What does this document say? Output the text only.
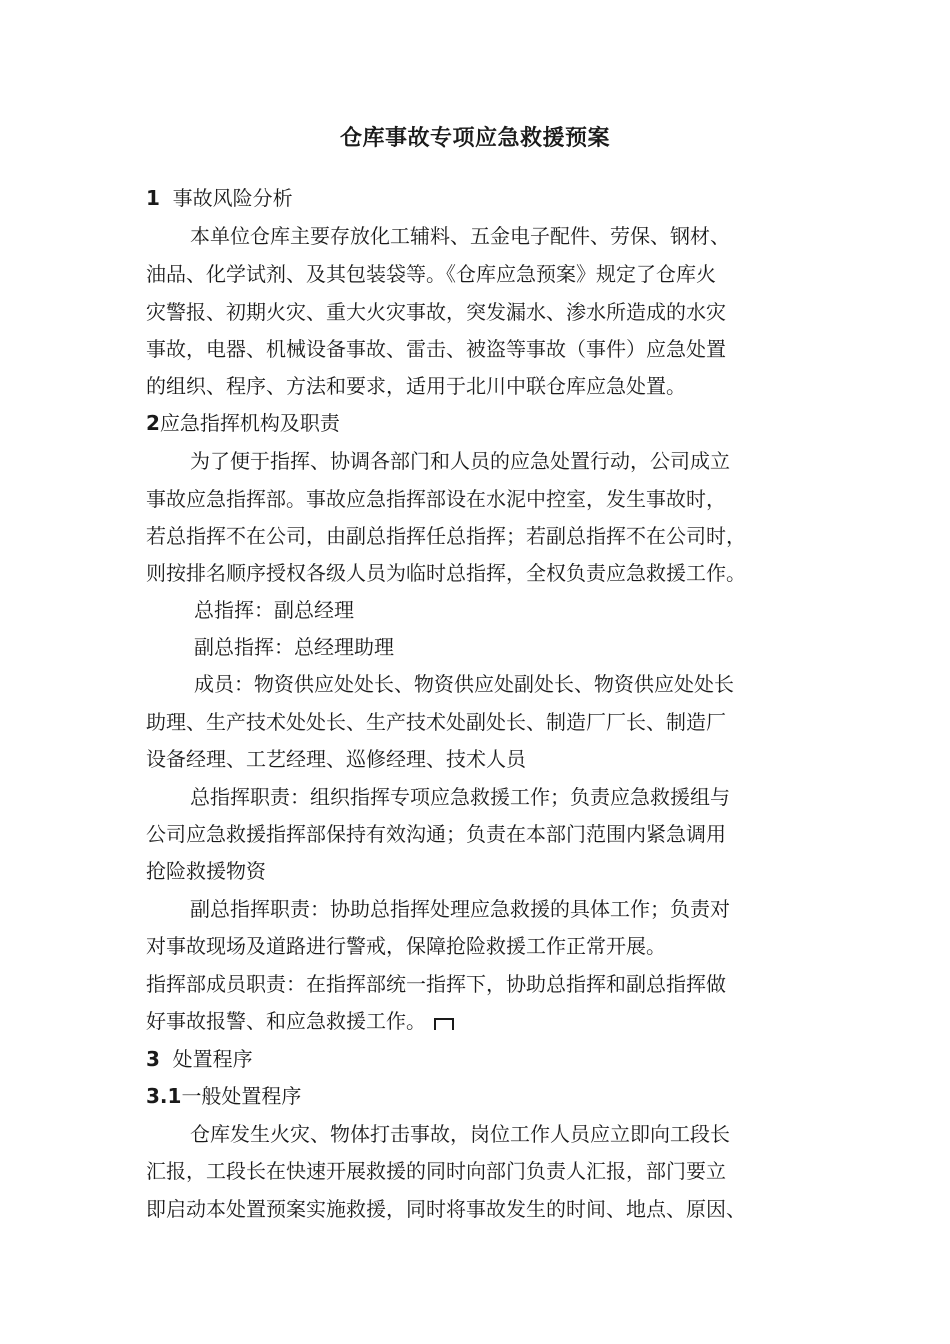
仓库事故专项应急救援预案
1 事故风险分析
本单位仓库主要存放化工辅料、五金电子配件、劳保、钢材、
油品、化学试剂、及其包装袋等。《仓库应急预案》规定了仓库火
灾警报、初期火灾、重大火灾事故，突发漏水、渗水所造成的水灾
事故，电器、机械设备事故、雷击、被盗等事故（事件）应急处置
的组织、程序、方法和要求，适用于北川中联仓库应急处置。
2应急指挥机构及职责
为了便于指挥、协调各部门和人员的应急处置行动，公司成立
事故应急指挥部。事故应急指挥部设在水泥中控室，发生事故时，
若总指挥不在公司，由副总指挥任总指挥；若副总指挥不在公司时，
则按排名顺序授权各级人员为临时总指挥，全权负责应急救援工作。
总指挥：副总经理
副总指挥：总经理助理
成员：物资供应处处长、物资供应处副处长、物资供应处处长
助理、生产技术处处长、生产技术处副处长、制造厂厂长、制造厂
设备经理、工艺经理、巡修经理、技术人员
总指挥职责：组织指挥专项应急救援工作；负责应急救援组与
公司应急救援指挥部保持有效沟通；负责在本部门范围内紧急调用
抢险救援物资
副总指挥职责：协助总指挥处理应急救援的具体工作；负责对
对事故现场及道路进行警戒，保障抢险救援工作正常开展。
指挥部成员职责：在指挥部统一指挥下，协助总指挥和副总指挥做
好事故报警、和应急救援工作。
3 处置程序
3.1一般处置程序
仓库发生火灾、物体打击事故，岗位工作人员应立即向工段长
汇报，工段长在快速开展救援的同时向部门负责人汇报，部门要立
即启动本处置预案实施救援，同时将事故发生的时间、地点、原因、
